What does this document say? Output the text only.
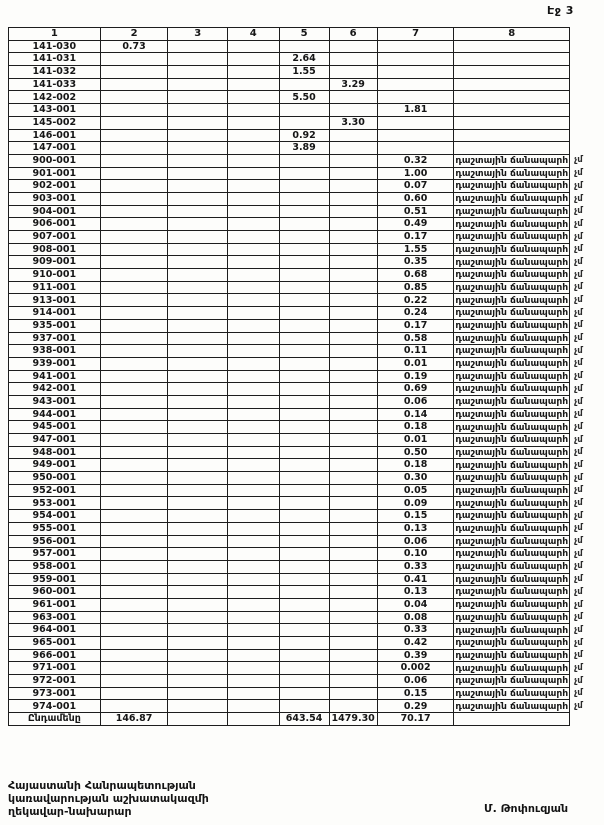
Էջ 3
1	2	3	4	5	6	7	8	
141-030	0.73							
141-031				2.64				
141-032				1.55				
141-033					3.29			
142-002				5.50				
143-001						1.81		
145-002					3.30			
146-001				0.92				
147-001				3.89				
900-001						0.32	դաշտային ճանապարհ	չմ
901-001						1.00	դաշտային ճանապարհ	չմ
902-001						0.07	դաշտային ճանապարհ	չմ
903-001						0.60	դաշտային ճանապարհ	չմ
904-001						0.51	դաշտային ճանապարհ	չմ
906-001						0.49	դաշտային ճանապարհ	չմ
907-001						0.17	դաշտային ճանապարհ	չմ
908-001						1.55	դաշտային ճանապարհ	չմ
909-001						0.35	դաշտային ճանապարհ	չմ
910-001						0.68	դաշտային ճանապարհ	չմ
911-001						0.85	դաշտային ճանապարհ	չմ
913-001						0.22	դաշտային ճանապարհ	չմ
914-001						0.24	դաշտային ճանապարհ	չմ
935-001						0.17	դաշտային ճանապարհ	չմ
937-001						0.58	դաշտային ճանապարհ	չմ
938-001						0.11	դաշտային ճանապարհ	չմ
939-001						0.01	դաշտային ճանապարհ	չմ
941-001						0.19	դաշտային ճանապարհ	չմ
942-001						0.69	դաշտային ճանապարհ	չմ
943-001						0.06	դաշտային ճանապարհ	չմ
944-001						0.14	դաշտային ճանապարհ	չմ
945-001						0.18	դաշտային ճանապարհ	չմ
947-001						0.01	դաշտային ճանապարհ	չմ
948-001						0.50	դաշտային ճանապարհ	չմ
949-001						0.18	դաշտային ճանապարհ	չմ
950-001						0.30	դաշտային ճանապարհ	չմ
952-001						0.05	դաշտային ճանապարհ	չմ
953-001						0.09	դաշտային ճանապարհ	չմ
954-001						0.15	դաշտային ճանապարհ	չմ
955-001						0.13	դաշտային ճանապարհ	չմ
956-001						0.06	դաշտային ճանապարհ	չմ
957-001						0.10	դաշտային ճանապարհ	չմ
958-001						0.33	դաշտային ճանապարհ	չմ
959-001						0.41	դաշտային ճանապարհ	չմ
960-001						0.13	դաշտային ճանապարհ	չմ
961-001						0.04	դաշտային ճանապարհ	չմ
963-001						0.08	դաշտային ճանապարհ	չմ
964-001						0.33	դաշտային ճանապարհ	չմ
965-001						0.42	դաշտային ճանապարհ	չմ
966-001						0.39	դաշտային ճանապարհ	չմ
971-001						0.002	դաշտային ճանապարհ	չմ
972-001						0.06	դաշտային ճանապարհ	չմ
973-001						0.15	դաշտային ճանապարհ	չմ
974-001						0.29	դաշտային ճանապարհ	չմ
Ընդամենը	146.87			643.54	1479.30	70.17		
Հայաստանի Հանրապետության
կառավարության աշխատակազմի
ղեկավար-նախարար	Մ. Թոփուզյան
